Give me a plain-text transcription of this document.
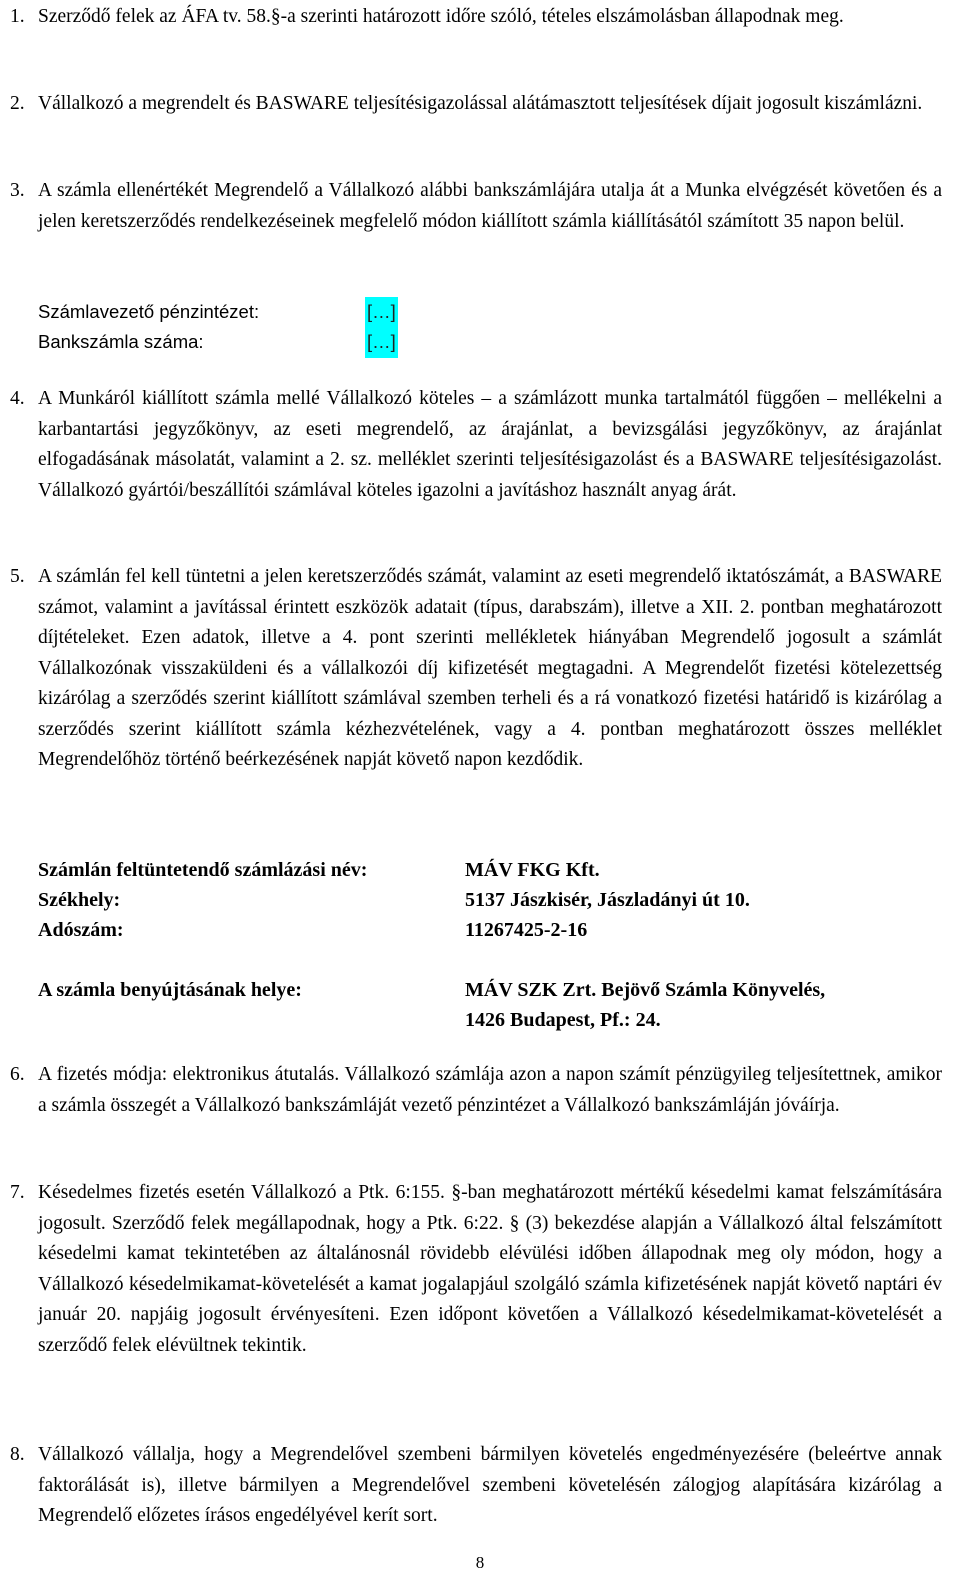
1. Szerződő felek az ÁFA tv. 58.§-a szerinti határozott időre szóló, tételes elszámolásban állapodnak meg.
2. Vállalkozó a megrendelt és BASWARE teljesítésigazolással alátámasztott teljesítések díjait jogosult kiszámlázni.
3. A számla ellenértékét Megrendelő a Vállalkozó alábbi bankszámlájára utalja át a Munka elvégzését követően és a jelen keretszerződés rendelkezéseinek megfelelő módon kiállított számla kiállításától számított 35 napon belül.
Számlavezető pénzintézet:	[…]
Bankszámla száma:	[…]
4. A Munkáról kiállított számla mellé Vállalkozó köteles – a számlázott munka tartalmától függően – mellékelni a karbantartási jegyzőkönyv, az eseti megrendelő, az árajánlat, a bevizsgálási jegyzőkönyv, az árajánlat elfogadásának másolatát, valamint a 2. sz. melléklet szerinti teljesítésigazolást és a BASWARE teljesítésigazolást. Vállalkozó gyártói/beszállítói számlával köteles igazolni a javításhoz használt anyag árát.
5. A számlán fel kell tüntetni a jelen keretszerződés számát, valamint az eseti megrendelő iktatószámát, a BASWARE számot, valamint a javítással érintett eszközök adatait (típus, darabszám), illetve a XII. 2. pontban meghatározott díjtételeket. Ezen adatok, illetve a 4. pont szerinti mellékletek hiányában Megrendelő jogosult a számlát Vállalkozónak visszaküldeni és a vállalkozói díj kifizetését megtagadni. A Megrendelőt fizetési kötelezettség kizárólag a szerződés szerint kiállított számlával szemben terheli és a rá vonatkozó fizetési határidő is kizárólag a szerződés szerint kiállított számla kézhezvételének, vagy a 4. pontban meghatározott összes melléklet Megrendelőhöz történő beérkezésének napját követő napon kezdődik.
Számlán feltüntetendő számlázási név:	MÁV FKG Kft.
Székhely:	5137 Jászkisér, Jászladányi út 10.
Adószám:	11267425-2-16
A számla benyújtásának helye:	MÁV SZK Zrt. Bejövő Számla Könyvelés,
1426 Budapest, Pf.: 24.
6. A fizetés módja: elektronikus átutalás. Vállalkozó számlája azon a napon számít pénzügyileg teljesítettnek, amikor a számla összegét a Vállalkozó bankszámláját vezető pénzintézet a Vállalkozó bankszámláján jóváírja.
7. Késedelmes fizetés esetén Vállalkozó a Ptk. 6:155. §-ban meghatározott mértékű késedelmi kamat felszámítására jogosult. Szerződő felek megállapodnak, hogy a Ptk. 6:22. § (3) bekezdése alapján a Vállalkozó által felszámított késedelmi kamat tekintetében az általánosnál rövidebb elévülési időben állapodnak meg oly módon, hogy a Vállalkozó késedelmikamat-követelését a kamat jogalapjául szolgáló számla kifizetésének napját követő naptári év január 20. napjáig jogosult érvényesíteni. Ezen időpont követően a Vállalkozó késedelmikamat-követelését a szerződő felek elévültnek tekintik.
8. Vállalkozó vállalja, hogy a Megrendelővel szembeni bármilyen követelés engedményezésére (beleértve annak faktorálását is), illetve bármilyen a Megrendelővel szembeni követelésén zálogjog alapítására kizárólag a Megrendelő előzetes írásos engedélyével kerít sort.
8
